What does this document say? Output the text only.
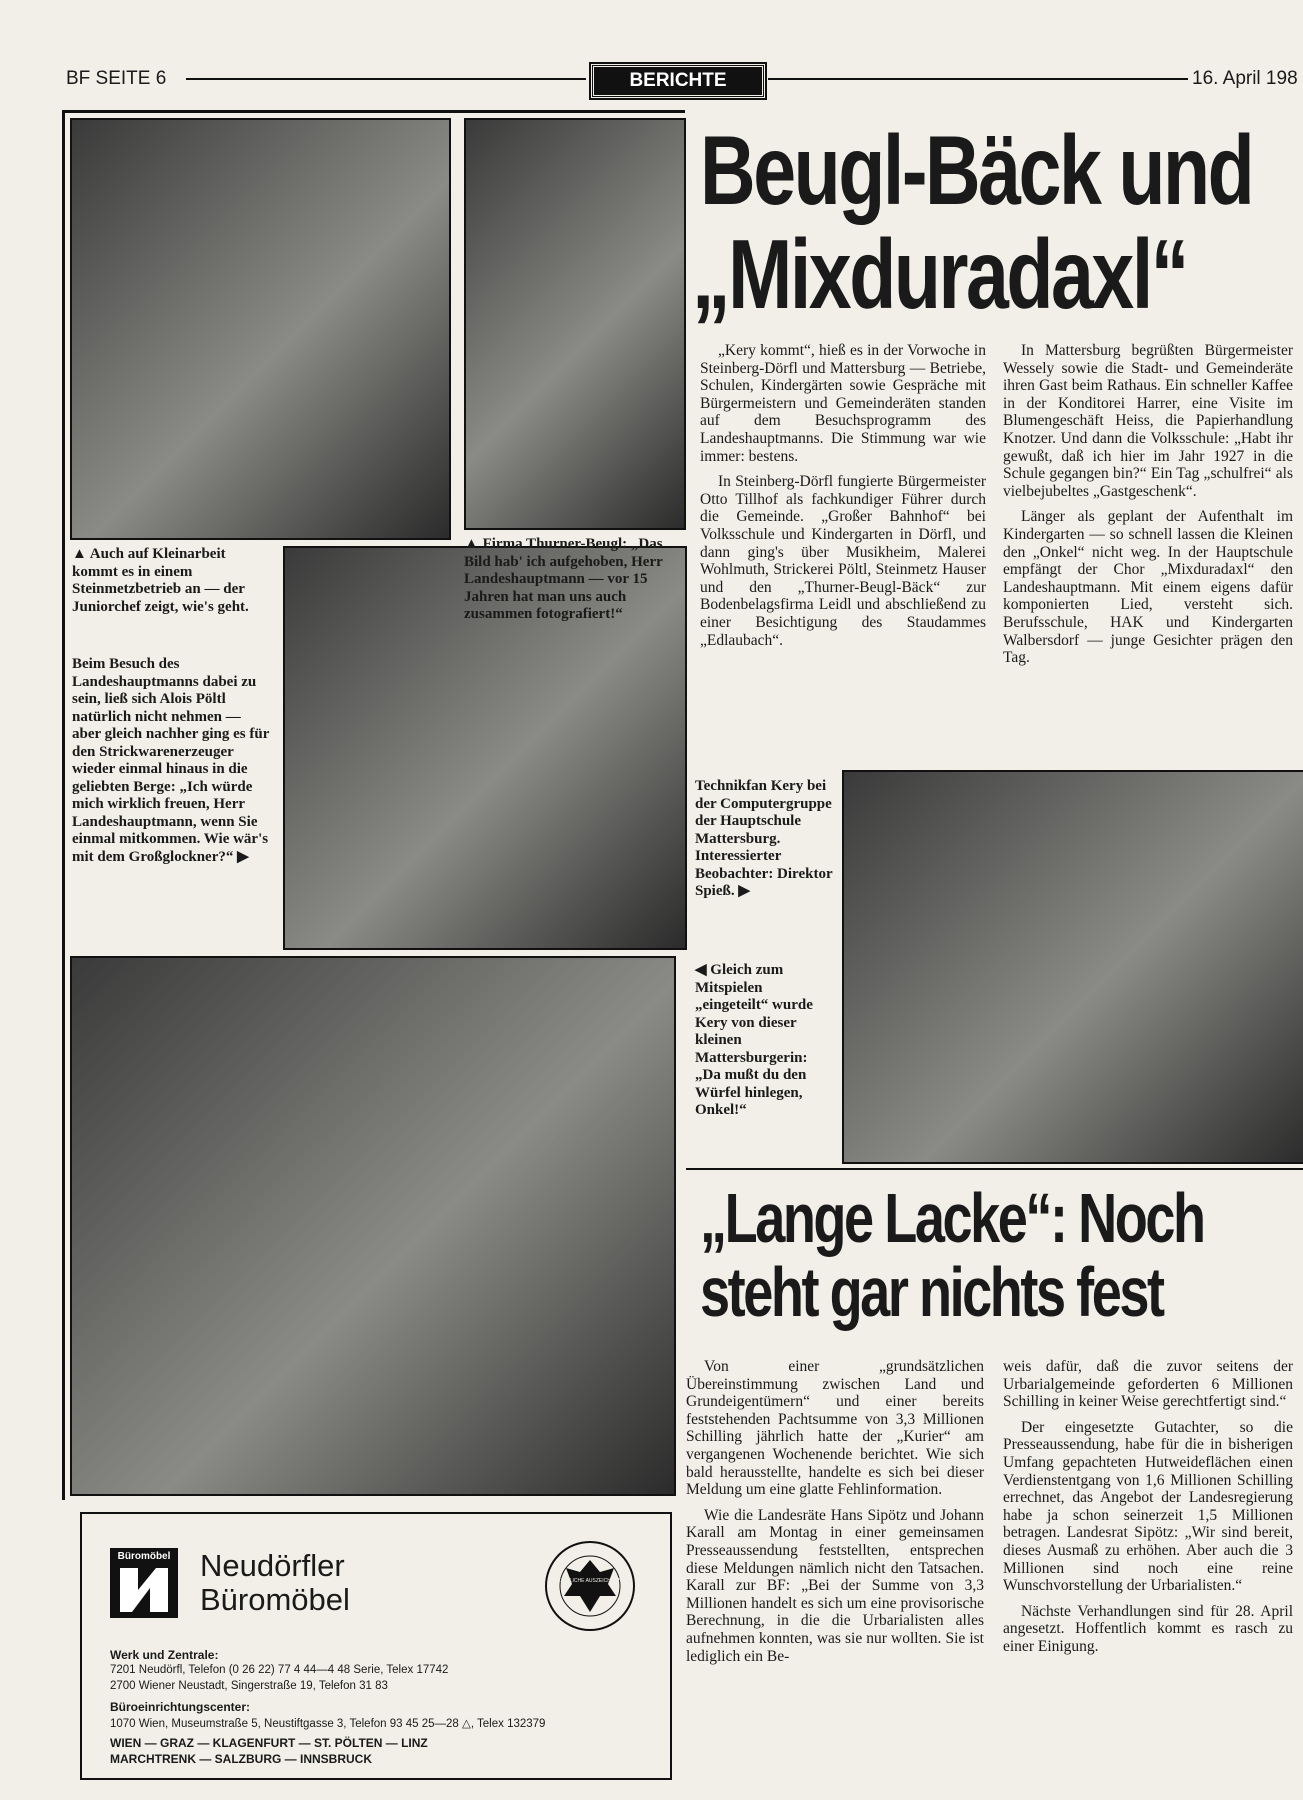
BF SEITE 6	BERICHTE	16. April 198

▲ Firma Thurner-Beugl: „Das Bild hab' ich aufgehoben, Herr Landeshauptmann — vor 15 Jahren hat man uns auch zusammen fotografiert!“

▲ Auch auf Kleinarbeit kommt es in einem Steinmetzbetrieb an — der Juniorchef zeigt, wie's geht.

Beim Besuch des Landeshauptmanns dabei zu sein, ließ sich Alois Pöltl natürlich nicht nehmen — aber gleich nachher ging es für den Strickwarenerzeuger wieder einmal hinaus in die geliebten Berge: „Ich würde mich wirklich freuen, Herr Landeshauptmann, wenn Sie einmal mitkommen. Wie wär's mit dem Großglockner?“ ▶

Technikfan Kery bei der Computergruppe der Hauptschule Mattersburg. Interessierter Beobachter: Direktor Spieß. ▶

◀ Gleich zum Mitspielen „eingeteilt“ wurde Kery von dieser kleinen Mattersburgerin: „Da mußt du den Würfel hinlegen, Onkel!“

Beugl-Bäck und
„Mixduradaxl“

„Kery kommt“, hieß es in der Vorwoche in Steinberg-Dörfl und Mattersburg — Betriebe, Schulen, Kindergärten sowie Gespräche mit Bürgermeistern und Gemeinderäten standen auf dem Besuchsprogramm des Landeshauptmanns. Die Stimmung war wie immer: bestens.

In Steinberg-Dörfl fungierte Bürgermeister Otto Tillhof als fachkundiger Führer durch die Gemeinde. „Großer Bahnhof“ bei Volksschule und Kindergarten in Dörfl, und dann ging's über Musikheim, Malerei Wohlmuth, Strickerei Pöltl, Steinmetz Hauser und den „Thurner-Beugl-Bäck“ zur Bodenbelagsfirma Leidl und abschließend zu einer Besichtigung des Staudammes „Edlaubach“.

In Mattersburg begrüßten Bürgermeister Wessely sowie die Stadt- und Gemeinderäte ihren Gast beim Rathaus. Ein schneller Kaffee in der Konditorei Harrer, eine Visite im Blumengeschäft Heiss, die Papierhandlung Knotzer. Und dann die Volksschule: „Habt ihr gewußt, daß ich hier im Jahr 1927 in die Schule gegangen bin?“ Ein Tag „schulfrei“ als vielbejubeltes „Gastgeschenk“.

Länger als geplant der Aufenthalt im Kindergarten — so schnell lassen die Kleinen den „Onkel“ nicht weg. In der Hauptschule empfängt der Chor „Mixduradaxl“ den Landeshauptmann. Mit einem eigens dafür komponierten Lied, versteht sich. Berufsschule, HAK und Kindergarten Walbersdorf — junge Gesichter prägen den Tag.

„Lange Lacke“: Noch
steht gar nichts fest

Von einer „grundsätzlichen Übereinstimmung zwischen Land und Grundeigentümern“ und einer bereits feststehenden Pachtsumme von 3,3 Millionen Schilling jährlich hatte der „Kurier“ am vergangenen Wochenende berichtet. Wie sich bald herausstellte, handelte es sich bei dieser Meldung um eine glatte Fehlinformation.

Wie die Landesräte Hans Sipötz und Johann Karall am Montag in einer gemeinsamen Presseaussendung feststellten, entsprechen diese Meldungen nämlich nicht den Tatsachen. Karall zur BF: „Bei der Summe von 3,3 Millionen handelt es sich um eine provisorische Berechnung, in die die Urbarialisten alles aufnehmen konnten, was sie nur wollten. Sie ist lediglich ein Be-

weis dafür, daß die zuvor seitens der Urbarialgemeinde geforderten 6 Millionen Schilling in keiner Weise gerechtfertigt sind.“

Der eingesetzte Gutachter, so die Presseaussendung, habe für die in bisherigen Umfang gepachteten Hutweideflächen einen Verdienstentgang von 1,6 Millionen Schilling errechnet, das Angebot der Landesregierung habe ja schon seinerzeit 1,5 Millionen betragen. Landesrat Sipötz: „Wir sind bereit, dieses Ausmaß zu erhöhen. Aber auch die 3 Millionen sind noch eine reine Wunschvorstellung der Urbarialisten.“

Nächste Verhandlungen sind für 28. April angesetzt. Hoffentlich kommt es rasch zu einer Einigung.

Büromöbel Neudörfler
Büromöbel
STAATLICHE AUSZEICHNUNG
Werk und Zentrale:
7201 Neudörfl, Telefon (0 26 22) 77 4 44—4 48 Serie, Telex 17742
2700 Wiener Neustadt, Singerstraße 19, Telefon 31 83
Büroeinrichtungscenter:
1070 Wien, Museumstraße 5, Neustiftgasse 3, Telefon 93 45 25—28 △, Telex 132379
WIEN — GRAZ — KLAGENFURT — ST. PÖLTEN — LINZ
MARCHTRENK — SALZBURG — INNSBRUCK
